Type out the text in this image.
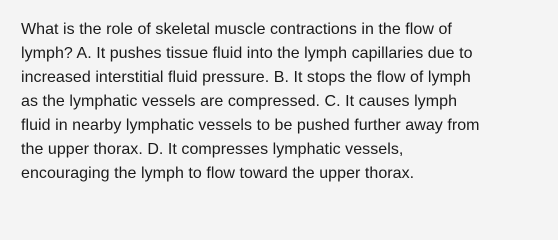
What is the role of skeletal muscle contractions in the flow of
lymph? A. It pushes tissue fluid into the lymph capillaries due to
increased interstitial fluid pressure. B. It stops the flow of lymph
as the lymphatic vessels are compressed. C. It causes lymph
fluid in nearby lymphatic vessels to be pushed further away from
the upper thorax. D. It compresses lymphatic vessels,
encouraging the lymph to flow toward the upper thorax.
